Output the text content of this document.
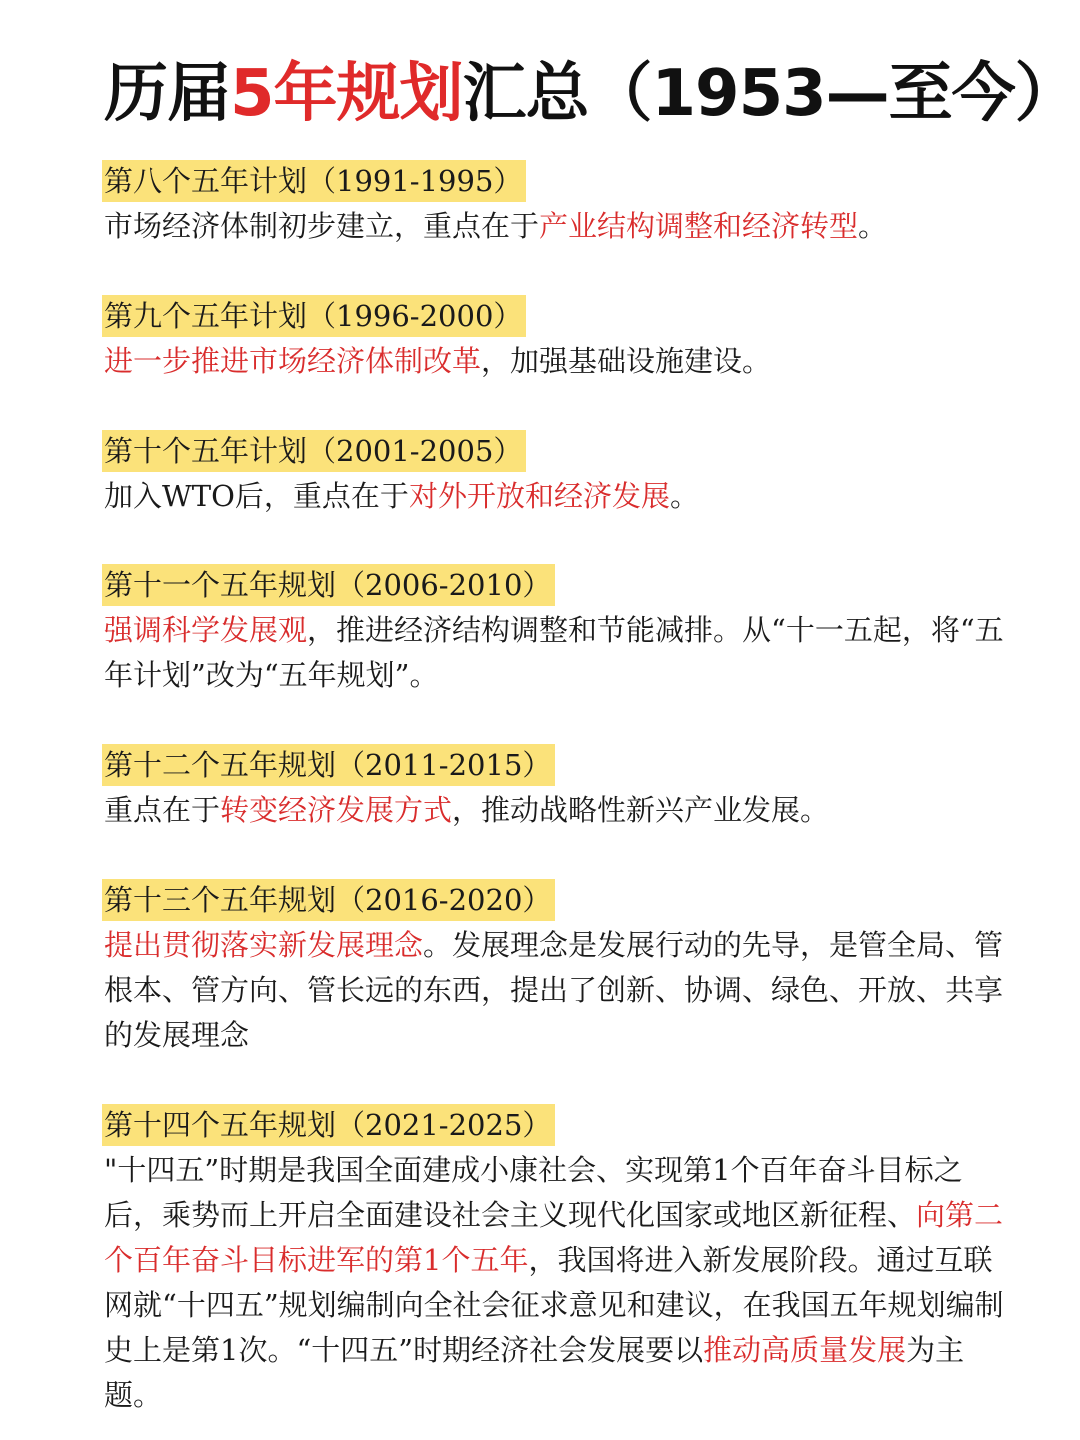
历届5年规划汇总（1953—至今）
第八个五年计划（1991-1995）
市场经济体制初步建立，重点在于产业结构调整和经济转型。
第九个五年计划（1996-2000）
进一步推进市场经济体制改革，加强基础设施建设。
第十个五年计划（2001-2005）
加入WTO后，重点在于对外开放和经济发展。
第十一个五年规划（2006-2010）
强调科学发展观，推进经济结构调整和节能减排。从“十一五起，将“五年计划”改为“五年规划”。
第十二个五年规划（2011-2015）
重点在于转变经济发展方式，推动战略性新兴产业发展。
第十三个五年规划（2016-2020）
提出贯彻落实新发展理念。发展理念是发展行动的先导，是管全局、管根本、管方向、管长远的东西，提出了创新、协调、绿色、开放、共享的发展理念
第十四个五年规划（2021-2025）
"十四五”时期是我国全面建成小康社会、实现第1个百年奋斗目标之后，乘势而上开启全面建设社会主义现代化国家或地区新征程、向第二个百年奋斗目标进军的第1个五年，我国将进入新发展阶段。通过互联网就“十四五”规划编制向全社会征求意见和建议，在我国五年规划编制史上是第1次。“十四五”时期经济社会发展要以推动高质量发展为主题。
